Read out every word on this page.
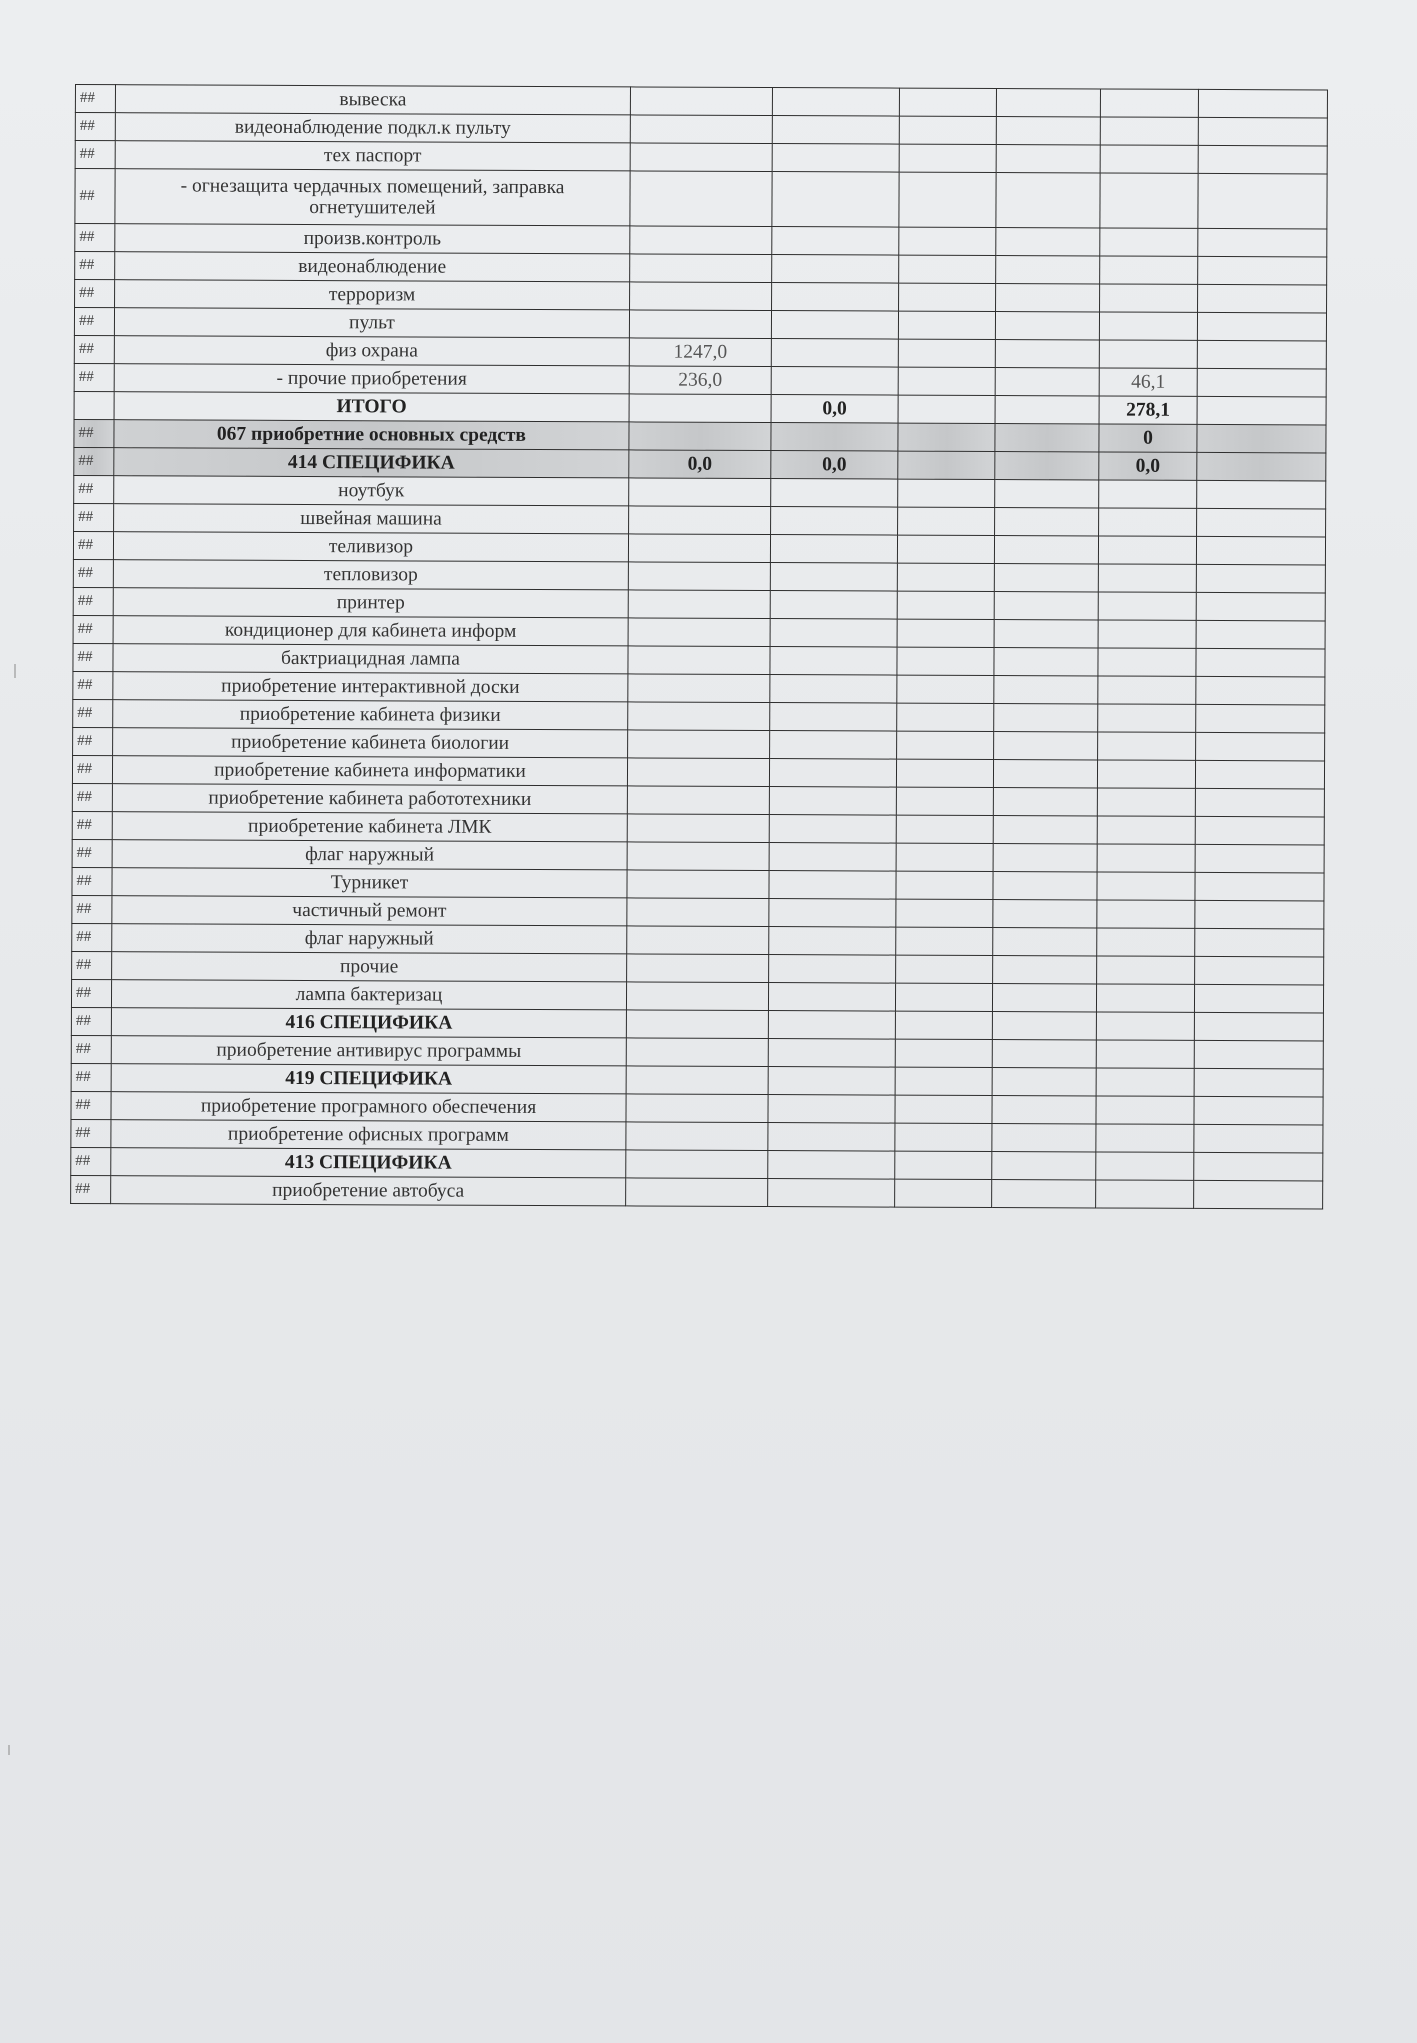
##	вывеска						
##	видеонаблюдение подкл.к пульту						
##	тех паспорт						
##	- огнезащита чердачных помещений, заправка огнетушителей						
##	произв.контроль						
##	видеонаблюдение						
##	терроризм						
##	пульт						
##	физ охрана	1247,0					
##	- прочие приобретения	236,0				46,1	
	ИТОГО		0,0			278,1	
##	067 приобретние основных средств					0	
##	414 СПЕЦИФИКА	0,0	0,0			0,0	
##	ноутбук						
##	швейная машина						
##	теливизор						
##	тепловизор						
##	принтер						
##	кондиционер для кабинета информ						
##	бактриацидная лампа						
##	приобретение интерактивной доски						
##	приобретение кабинета физики						
##	приобретение кабинета биологии						
##	приобретение кабинета информатики						
##	приобретение кабинета работотехники						
##	приобретение кабинета ЛМК						
##	флаг наружный						
##	Турникет						
##	частичный ремонт						
##	флаг наружный						
##	прочие						
##	лампа бактеризац						
##	416 СПЕЦИФИКА						
##	приобретение антивирус программы						
##	419 СПЕЦИФИКА						
##	приобретение програмного обеспечения						
##	приобретение офисных программ						
##	413 СПЕЦИФИКА						
##	приобретение автобуса						
